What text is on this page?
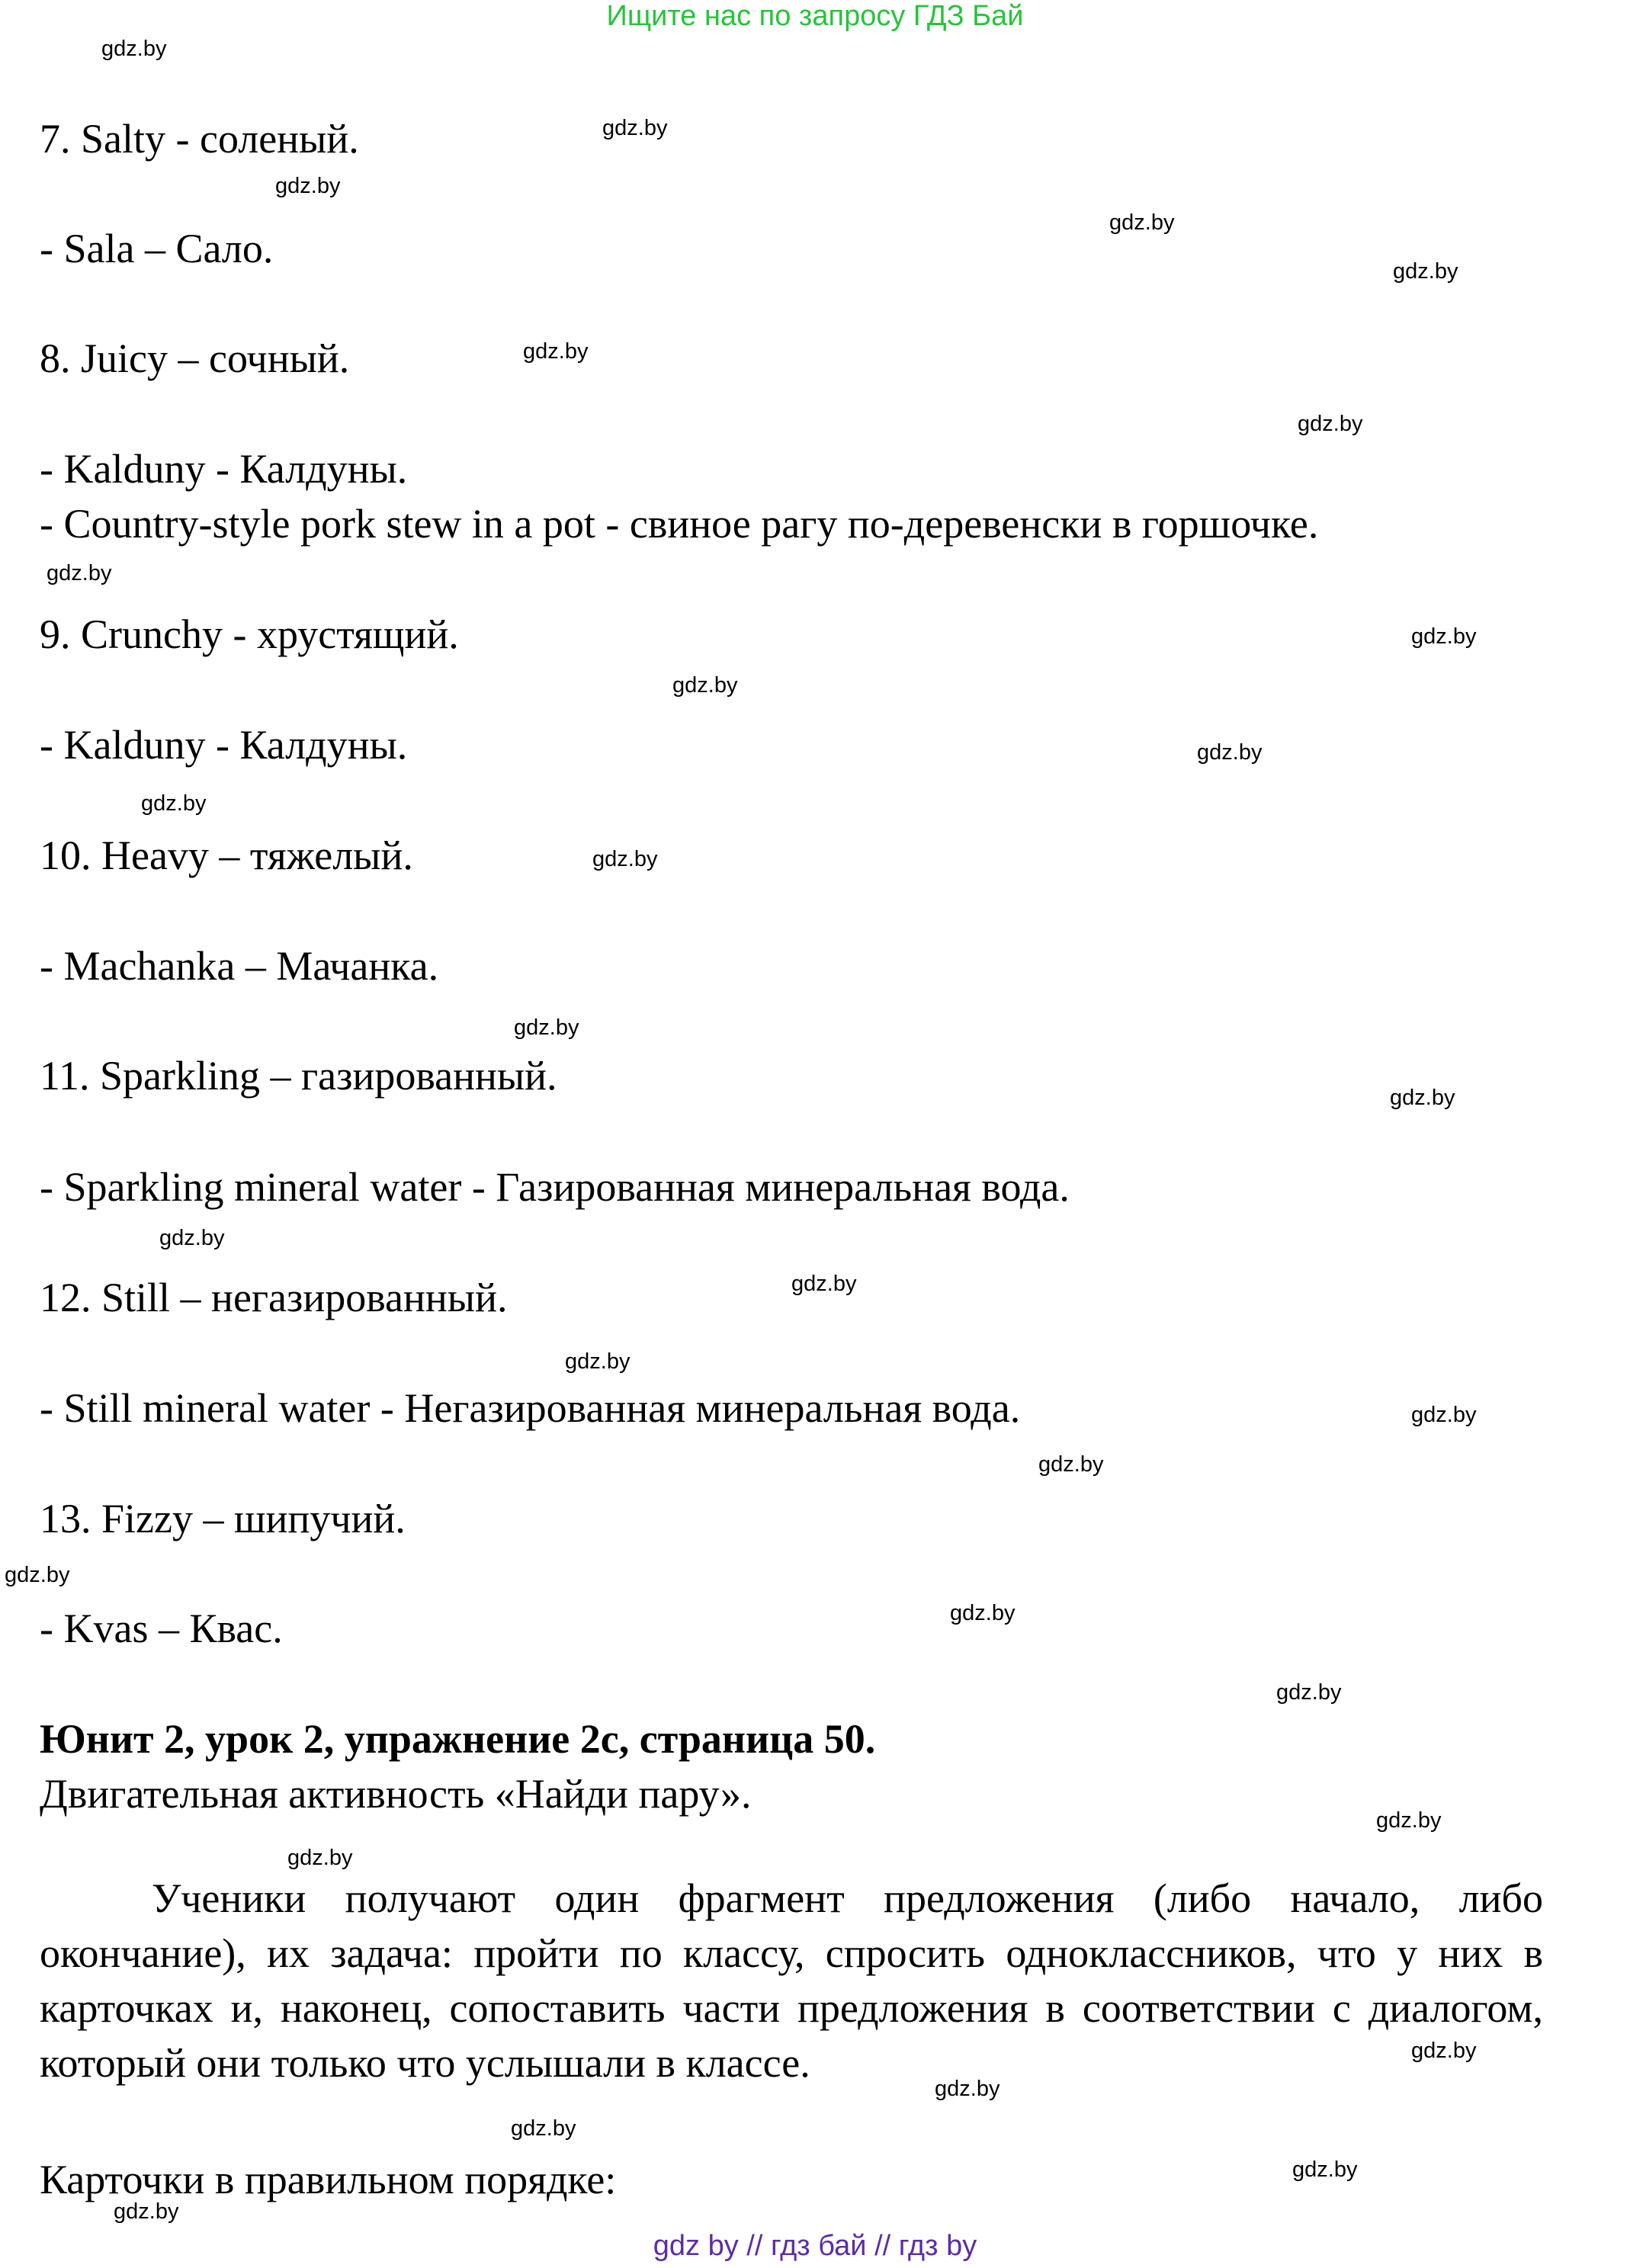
Ищите нас по запросу ГДЗ Бай
7. Salty - соленый.
- Sala – Сало.
8. Juicy – сочный.
- Kalduny - Калдуны.
- Country-style pork stew in a pot - свиное рагу по-деревенски в горшочке.
9. Crunchy - хрустящий.
- Kalduny - Калдуны.
10. Heavy – тяжелый.
- Machanka – Мачанка.
11. Sparkling – газированный.
- Sparkling mineral water - Газированная минеральная вода.
12. Still – негазированный.
- Still mineral water - Негазированная минеральная вода.
13. Fizzy – шипучий.
- Kvas – Квас.
Юнит 2, урок 2, упражнение 2с, страница 50.
Двигательная активность «Найди пару».
Ученики получают один фрагмент предложения (либо начало, либо окончание), их задача: пройти по классу, спросить одноклассников, что у них в карточках и, наконец, сопоставить части предложения в соответствии с диалогом, который они только что услышали в классе.
Карточки в правильном порядке:
gdz.by
gdz.by
gdz.by
gdz.by
gdz.by
gdz.by
gdz.by
gdz.by
gdz.by
gdz.by
gdz.by
gdz.by
gdz.by
gdz.by
gdz.by
gdz.by
gdz.by
gdz.by
gdz.by
gdz.by
gdz.by
gdz.by
gdz.by
gdz.by
gdz.by
gdz.by
gdz.by
gdz.by
gdz.by
gdz.by
gdz by // гдз бай // гдз by
